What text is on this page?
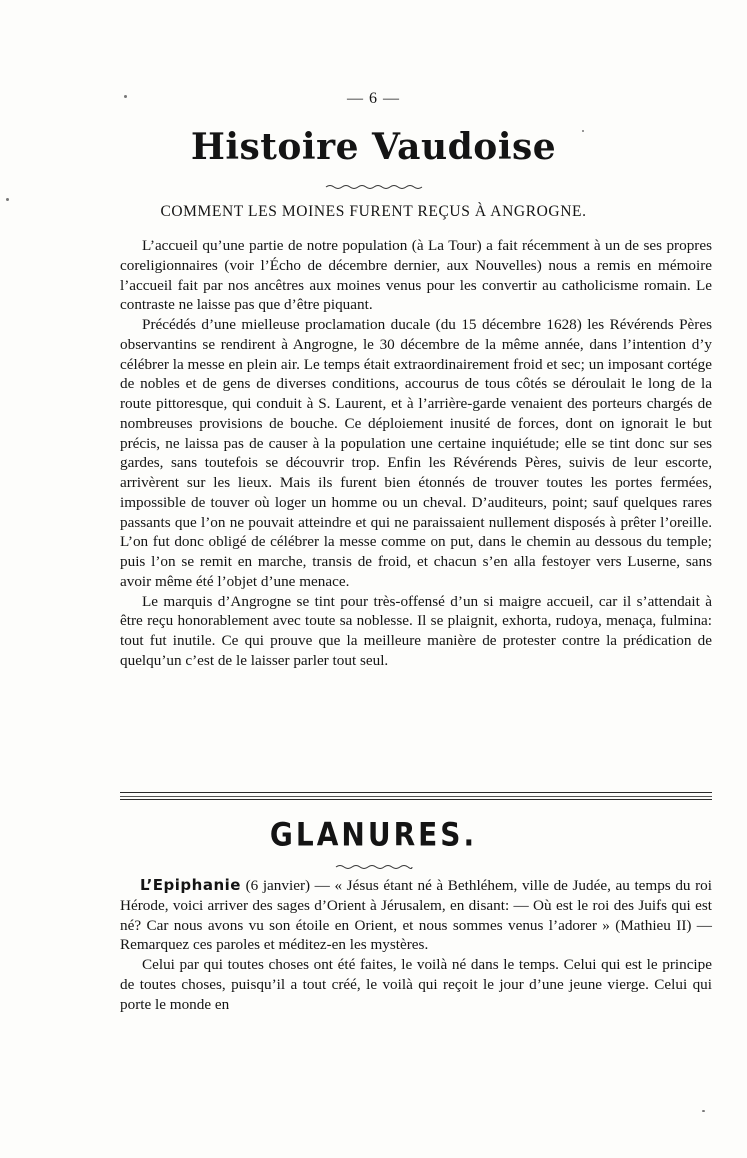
— 6 —
Histoire Vaudoise
COMMENT LES MOINES FURENT REÇUS À ANGROGNE.

L’accueil qu’une partie de notre population (à La Tour) a fait récemment à un de ses propres coreligionnaires (voir l’Écho de décembre dernier, aux Nouvelles) nous a remis en mémoire l’accueil fait par nos ancêtres aux moines venus pour les convertir au catholicisme romain. Le contraste ne laisse pas que d’être piquant.

Précédés d’une mielleuse proclamation ducale (du 15 décembre 1628) les Révérends Pères observantins se rendirent à Angrogne, le 30 décembre de la même année, dans l’intention d’y célébrer la messe en plein air. Le temps était extraordinairement froid et sec; un imposant cortége de nobles et de gens de diverses conditions, accourus de tous côtés se déroulait le long de la route pittoresque, qui conduit à S. Laurent, et à l’arrière-garde venaient des porteurs chargés de nombreuses provisions de bouche. Ce déploiement inusité de forces, dont on ignorait le but précis, ne laissa pas de causer à la population une certaine inquiétude; elle se tint donc sur ses gardes, sans toutefois se découvrir trop. Enfin les Révérends Pères, suivis de leur escorte, arrivèrent sur les lieux. Mais ils furent bien étonnés de trouver toutes les portes fermées, impossible de touver où loger un homme ou un cheval. D’auditeurs, point; sauf quelques rares passants que l’on ne pouvait atteindre et qui ne paraissaient nullement disposés à prêter l’oreille. L’on fut donc obligé de célébrer la messe comme on put, dans le chemin au dessous du temple; puis l’on se remit en marche, transis de froid, et chacun s’en alla festoyer vers Luserne, sans avoir même été l’objet d’une menace.

Le marquis d’Angrogne se tint pour très-offensé d’un si maigre accueil, car il s’attendait à être reçu honorablement avec toute sa noblesse. Il se plaignit, exhorta, rudoya, menaça, fulmina: tout fut inutile. Ce qui prouve que la meilleure manière de protester contre la prédication de quelqu’un c’est de le laisser parler tout seul.

GLANURES.

L’Epiphanie (6 janvier) — « Jésus étant né à Bethléhem, ville de Judée, au temps du roi Hérode, voici arriver des sages d’Orient à Jérusalem, en disant: — Où est le roi des Juifs qui est né? Car nous avons vu son étoile en Orient, et nous sommes venus l’adorer » (Mathieu II) — Remarquez ces paroles et méditez-en les mystères.

Celui par qui toutes choses ont été faites, le voilà né dans le temps. Celui qui est le principe de toutes choses, puisqu’il a tout créé, le voilà qui reçoit le jour d’une jeune vierge. Celui qui porte le monde en
